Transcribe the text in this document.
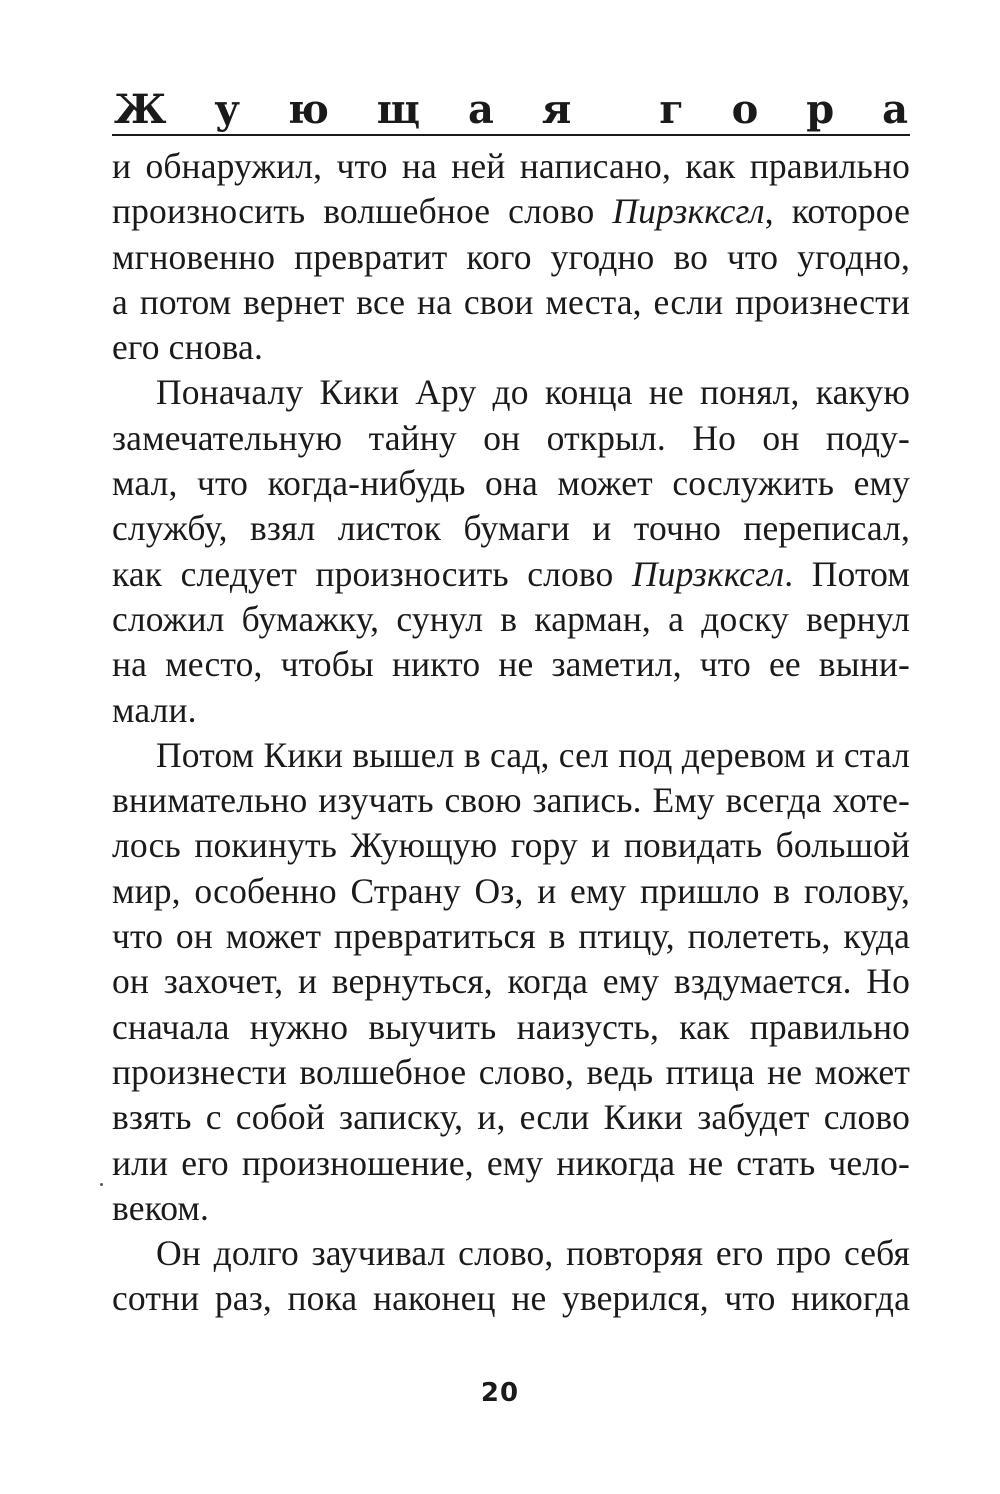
Ж у ю щ а я г о р а

и обнаружил, что на ней написано, как правильно
произносить волшебное слово Пирзкксгл, которое
мгновенно превратит кого угодно во что угодно,
а потом вернет все на свои места, если произнести
его снова.

Поначалу Кики Ару до конца не понял, какую
замечательную тайну он открыл. Но он поду-
мал, что когда-нибудь она может сослужить ему
службу, взял листок бумаги и точно переписал,
как следует произносить слово Пирзкксгл. Потом
сложил бумажку, сунул в карман, а доску вернул
на место, чтобы никто не заметил, что ее выни-
мали.

Потом Кики вышел в сад, сел под деревом и стал
внимательно изучать свою запись. Ему всегда хоте-
лось покинуть Жующую гору и повидать большой
мир, особенно Страну Оз, и ему пришло в голову,
что он может превратиться в птицу, полететь, куда
он захочет, и вернуться, когда ему вздумается. Но
сначала нужно выучить наизусть, как правильно
произнести волшебное слово, ведь птица не может
взять с собой записку, и, если Кики забудет слово
или его произношение, ему никогда не стать чело-
веком.

Он долго заучивал слово, повторяя его про себя
сотни раз, пока наконец не уверился, что никогда

20
